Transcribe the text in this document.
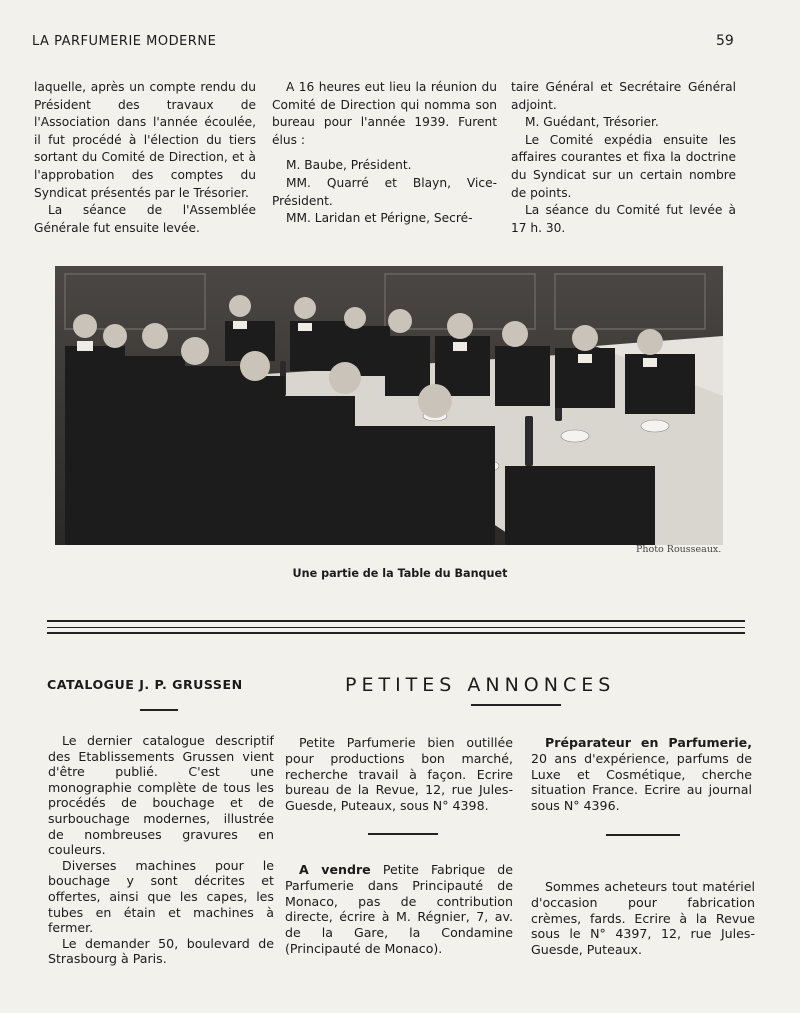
LA PARFUMERIE MODERNE	59

laquelle, après un compte rendu du Président des travaux de l'Association dans l'année écoulée, il fut procédé à l'élection du tiers sortant du Comité de Direction, et à l'approbation des comptes du Syndicat présentés par le Trésorier.

La séance de l'Assemblée Générale fut ensuite levée.

A 16 heures eut lieu la réunion du Comité de Direction qui nomma son bureau pour l'année 1939. Furent élus :

M. Baube, Président.

MM. Quarré et Blayn, Vice-Président.

MM. Laridan et Périgne, Secré-

taire Général et Secrétaire Général adjoint.

M. Guédant, Trésorier.

Le Comité expédia ensuite les affaires courantes et fixa la doctrine du Syndicat sur un certain nombre de points.

La séance du Comité fut levée à 17 h. 30.

Photo Rousseaux.
Une partie de la Table du Banquet
CATALOGUE J. P. GRUSSEN	PETITES ANNONCES

Le dernier catalogue descriptif des Etablissements Grussen vient d'être publié. C'est une monographie complète de tous les procédés de bouchage et de surbouchage modernes, illustrée de nombreuses gravures en couleurs.

Diverses machines pour le bouchage y sont décrites et offertes, ainsi que les capes, les tubes en étain et machines à fermer.

Le demander 50, boulevard de Strasbourg à Paris.

Petite Parfumerie bien outillée pour productions bon marché, recherche travail à façon. Ecrire bureau de la Revue, 12, rue Jules-Guesde, Puteaux, sous N° 4398.

Préparateur en Parfumerie, 20 ans d'expérience, parfums de Luxe et Cosmétique, cherche situation France. Ecrire au journal sous N° 4396.

A vendre Petite Fabrique de Parfumerie dans Principauté de Monaco, pas de contribution directe, écrire à M. Régnier, 7, av. de la Gare, la Condamine (Principauté de Monaco).

Sommes acheteurs tout matériel d'occasion pour fabrication crèmes, fards. Ecrire à la Revue sous le N° 4397, 12, rue Jules-Guesde, Puteaux.
